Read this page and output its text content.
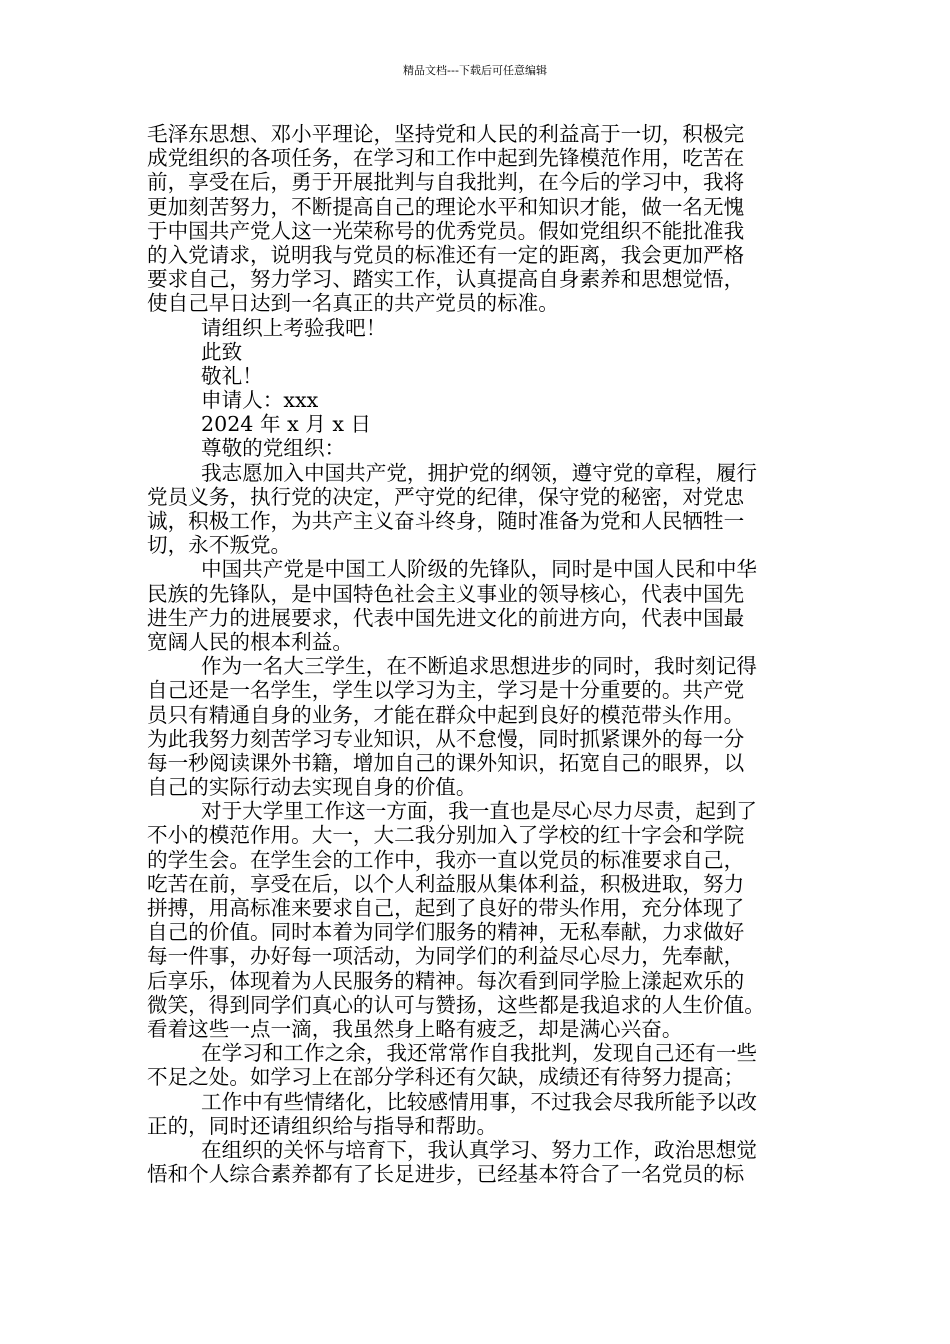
精品文档---下载后可任意编辑
毛泽东思想、邓小平理论，坚持党和人民的利益高于一切，积极完
成党组织的各项任务，在学习和工作中起到先锋模范作用，吃苦在
前，享受在后，勇于开展批判与自我批判，在今后的学习中，我将
更加刻苦努力，不断提高自己的理论水平和知识才能，做一名无愧
于中国共产党人这一光荣称号的优秀党员。假如党组织不能批准我
的入党请求，说明我与党员的标准还有一定的距离，我会更加严格
要求自己，努力学习、踏实工作，认真提高自身素养和思想觉悟，
使自己早日达到一名真正的共产党员的标准。
请组织上考验我吧！
此致
敬礼！
申请人：xxx
2024 年 x 月 x 日
尊敬的党组织：
我志愿加入中国共产党，拥护党的纲领，遵守党的章程，履行
党员义务，执行党的决定，严守党的纪律，保守党的秘密，对党忠
诚，积极工作，为共产主义奋斗终身，随时准备为党和人民牺牲一
切，永不叛党。
中国共产党是中国工人阶级的先锋队，同时是中国人民和中华
民族的先锋队，是中国特色社会主义事业的领导核心，代表中国先
进生产力的进展要求，代表中国先进文化的前进方向，代表中国最
宽阔人民的根本利益。
作为一名大三学生，在不断追求思想进步的同时，我时刻记得
自己还是一名学生，学生以学习为主，学习是十分重要的。共产党
员只有精通自身的业务，才能在群众中起到良好的模范带头作用。
为此我努力刻苦学习专业知识，从不怠慢，同时抓紧课外的每一分
每一秒阅读课外书籍，增加自己的课外知识，拓宽自己的眼界，以
自己的实际行动去实现自身的价值。
对于大学里工作这一方面，我一直也是尽心尽力尽责，起到了
不小的模范作用。大一，大二我分别加入了学校的红十字会和学院
的学生会。在学生会的工作中，我亦一直以党员的标准要求自己，
吃苦在前，享受在后，以个人利益服从集体利益，积极进取，努力
拼搏，用高标准来要求自己，起到了良好的带头作用，充分体现了
自己的价值。同时本着为同学们服务的精神，无私奉献，力求做好
每一件事，办好每一项活动，为同学们的利益尽心尽力，先奉献，
后享乐，体现着为人民服务的精神。每次看到同学脸上漾起欢乐的
微笑，得到同学们真心的认可与赞扬，这些都是我追求的人生价值。
看着这些一点一滴，我虽然身上略有疲乏，却是满心兴奋。
在学习和工作之余，我还常常作自我批判，发现自己还有一些
不足之处。如学习上在部分学科还有欠缺，成绩还有待努力提高；
工作中有些情绪化，比较感情用事，不过我会尽我所能予以改
正的，同时还请组织给与指导和帮助。
在组织的关怀与培育下，我认真学习、努力工作，政治思想觉
悟和个人综合素养都有了长足进步，已经基本符合了一名党员的标
